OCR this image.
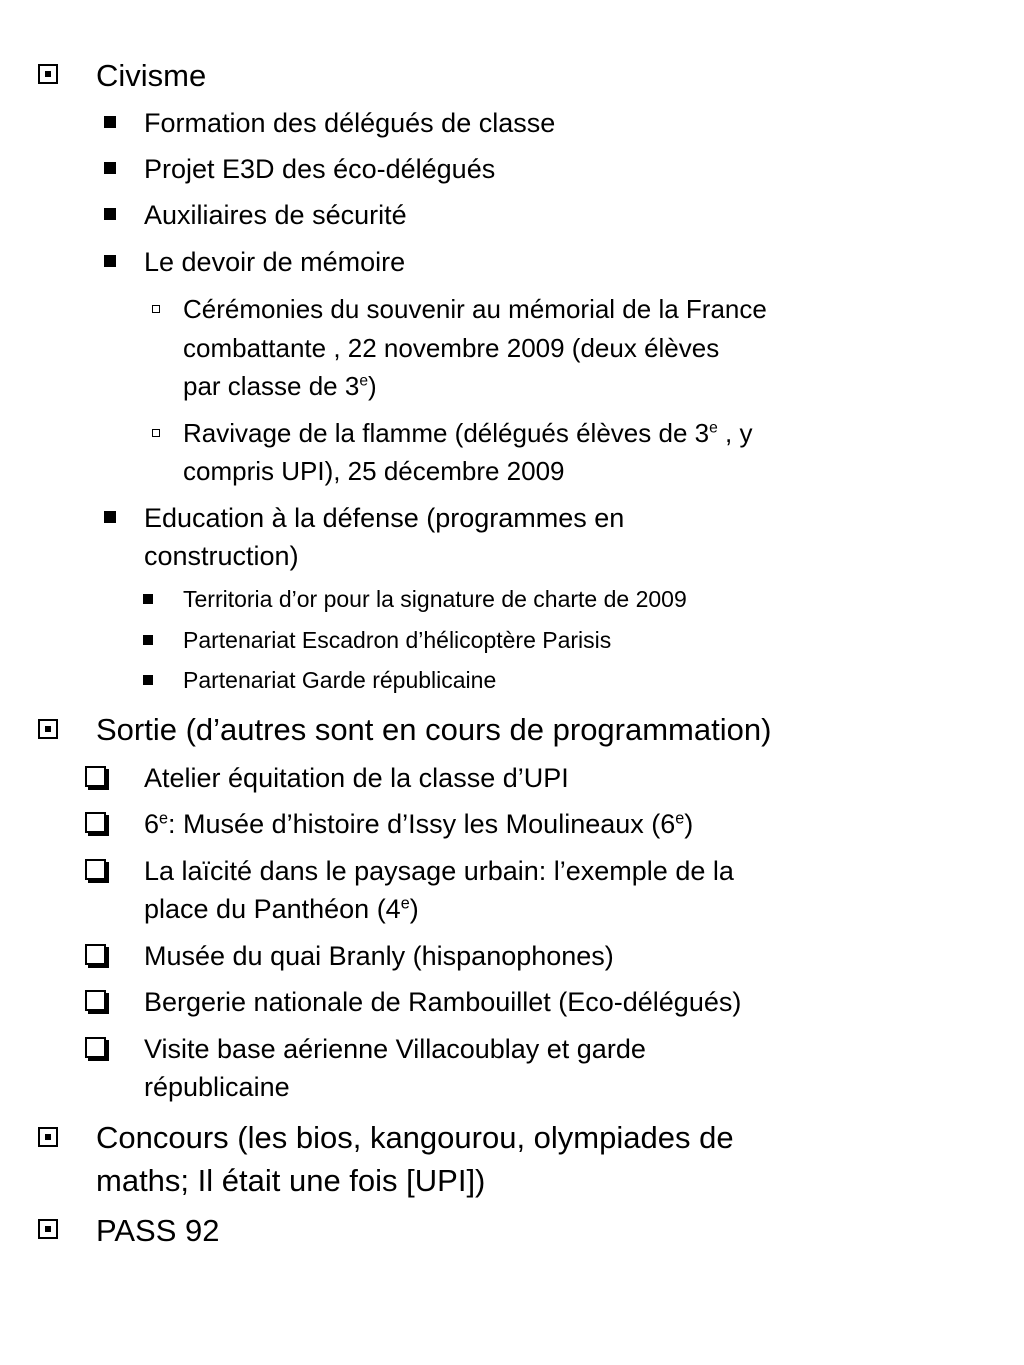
Civisme
Formation des délégués de classe
Projet E3D des éco-délégués
Auxiliaires de sécurité
Le devoir de mémoire
Cérémonies du souvenir au mémorial de la France
combattante , 22 novembre 2009 (deux élèves
par classe de 3e)
Ravivage de la flamme (délégués élèves de 3e , y
compris UPI), 25 décembre 2009
Education à la défense (programmes en
construction)
Territoria d’or pour la signature de charte de 2009
Partenariat Escadron d’hélicoptère Parisis
Partenariat Garde républicaine
Sortie (d’autres sont en cours de programmation)
Atelier équitation de la classe d’UPI
6e: Musée d’histoire d’Issy les Moulineaux (6e)
La laïcité dans le paysage urbain: l’exemple de la
place du Panthéon (4e)
Musée du quai Branly (hispanophones)
Bergerie nationale de Rambouillet (Eco-délégués)
Visite base aérienne Villacoublay et garde
républicaine
Concours (les bios, kangourou, olympiades de
maths; Il était une fois [UPI])
PASS 92
